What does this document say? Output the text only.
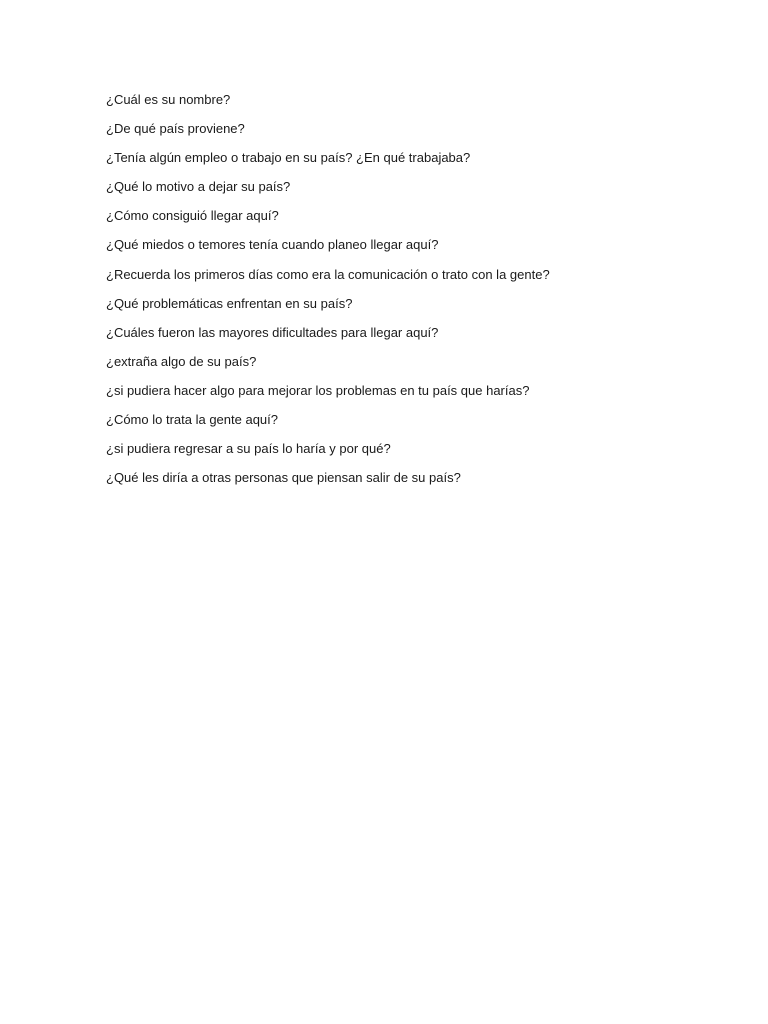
¿Cuál es su nombre?
¿De qué país proviene?
¿Tenía algún empleo o trabajo en su país? ¿En qué trabajaba?
¿Qué lo motivo a dejar su país?
¿Cómo consiguió llegar aquí?
¿Qué miedos o temores tenía cuando planeo llegar aquí?
¿Recuerda los primeros días como era la comunicación o trato con la gente?
¿Qué problemáticas enfrentan en su país?
¿Cuáles fueron las mayores dificultades para llegar aquí?
¿extraña algo de su país?
¿si pudiera hacer algo para mejorar los problemas en tu país que harías?
¿Cómo lo trata la gente aquí?
¿si pudiera regresar a su país lo haría y por qué?
¿Qué les diría a otras personas que piensan salir de su país?
